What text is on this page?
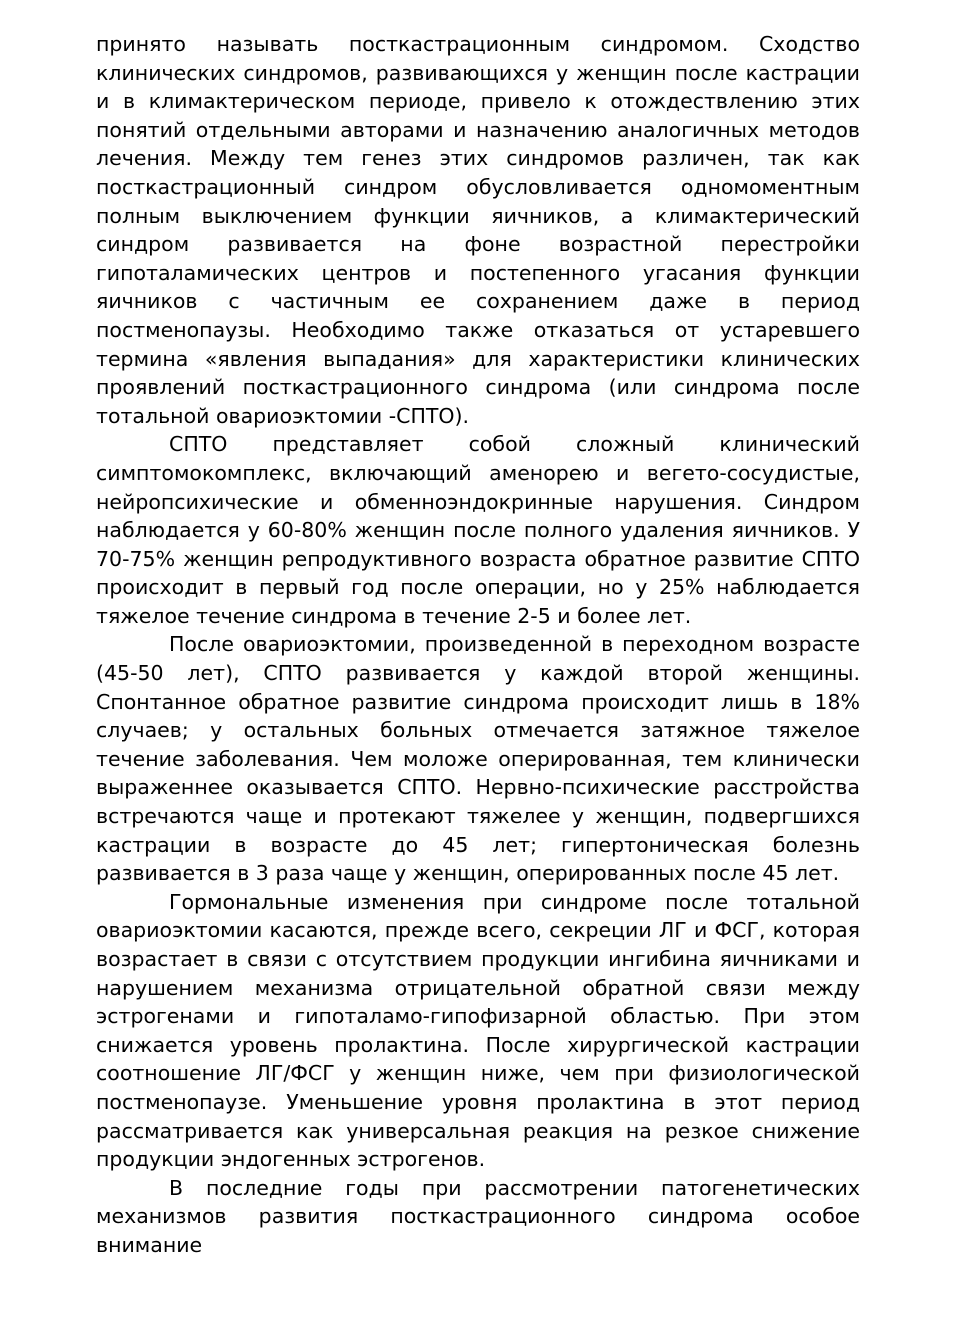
принято называть посткастрационным синдромом. Сходство клинических синдромов, развивающихся у женщин после кастрации и в климактерическом периоде, привело к отождествлению этих понятий отдельными авторами и назначению аналогичных методов лечения. Между тем генез этих синдромов различен, так как посткастрационный синдром обусловливается одномоментным полным выключением функции яичников, а климактерический синдром развивается на фоне возрастной перестройки гипоталамических центров и постепенного угасания функции яичников с частичным ее сохранением даже в период постменопаузы. Необходимо также отказаться от устаревшего термина «явления выпадания» для характеристики клинических проявлений посткастрационного синдрома (или синдрома после тотальной овариоэктомии -СПТО).

СПТО представляет собой сложный клинический симптомокомплекс, включающий аменорею и вегето-сосудистые, нейропсихические и обменноэндокринные нарушения. Синдром наблюдается у 60-80% женщин после полного удаления яичников. У 70-75% женщин репродуктивного возраста обратное развитие СПТО происходит в первый год после операции, но у 25% наблюдается тяжелое течение синдрома в течение 2-5 и более лет.

После овариоэктомии, произведенной в переходном возрасте (45-50 лет), СПТО развивается у каждой второй женщины. Спонтанное обратное развитие синдрома происходит лишь в 18% случаев; у остальных больных отмечается затяжное тяжелое течение заболевания. Чем моложе оперированная, тем клинически выраженнее оказывается СПТО. Нервно-психические расстройства встречаются чаще и протекают тяжелее у женщин, подвергшихся кастрации в возрасте до 45 лет; гипертоническая болезнь развивается в 3 раза чаще у женщин, оперированных после 45 лет.

Гормональные изменения при синдроме после тотальной овариоэктомии касаются, прежде всего, секреции ЛГ и ФСГ, которая возрастает в связи с отсутствием продукции ингибина яичниками и нарушением механизма отрицательной обратной связи между эстрогенами и гипоталамо-гипофизарной областью. При этом снижается уровень пролактина. После хирургической кастрации соотношение ЛГ/ФСГ у женщин ниже, чем при физиологической постменопаузе. Уменьшение уровня пролактина в этот период рассматривается как универсальная реакция на резкое снижение продукции эндогенных эстрогенов.

В последние годы при рассмотрении патогенетических механизмов развития посткастрационного синдрома особое внимание
